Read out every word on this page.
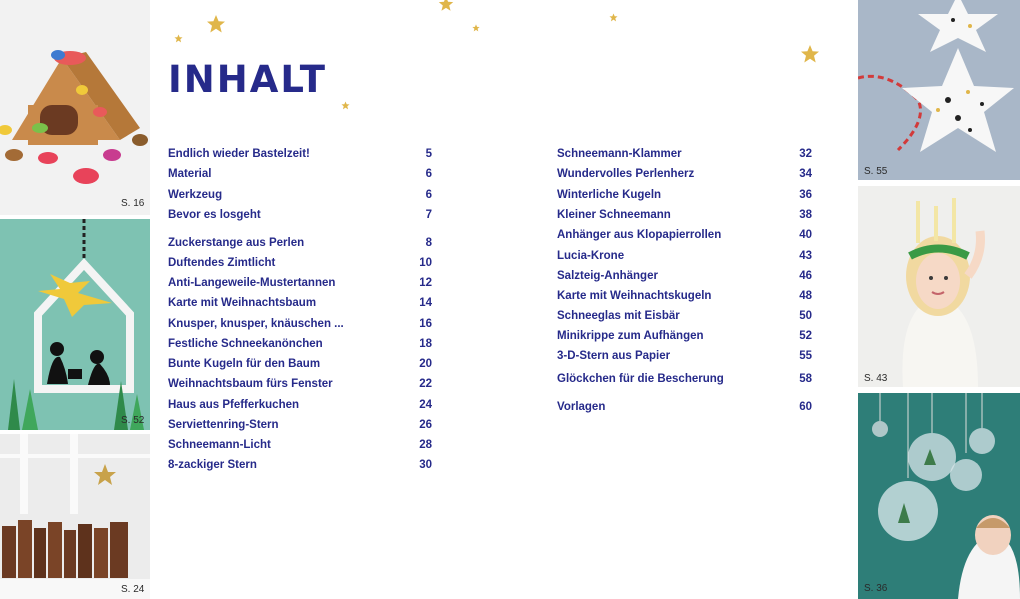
S. 16
S. 52
S. 24
INHALT
Endlich wieder Bastelzeit!	5
Material	6
Werkzeug	6
Bevor es losgeht	7
Zuckerstange aus Perlen	8
Duftendes Zimtlicht	10
Anti-Langeweile-Mustertannen	12
Karte mit Weihnachtsbaum	14
Knusper, knusper, knäuschen ...	16
Festliche Schneekanönchen	18
Bunte Kugeln für den Baum	20
Weihnachtsbaum fürs Fenster	22
Haus aus Pfefferkuchen	24
Serviettenring-Stern	26
Schneemann-Licht	28
8-zackiger Stern	30
Schneemann-Klammer	32
Wundervolles Perlenherz	34
Winterliche Kugeln	36
Kleiner Schneemann	38
Anhänger aus Klopapierrollen	40
Lucia-Krone	43
Salzteig-Anhänger	46
Karte mit Weihnachtskugeln	48
Schneeglas mit Eisbär	50
Minikrippe zum Aufhängen	52
3-D-Stern aus Papier	55
Glöckchen für die Bescherung	58
Vorlagen	60
S. 55
S. 43
S. 36
